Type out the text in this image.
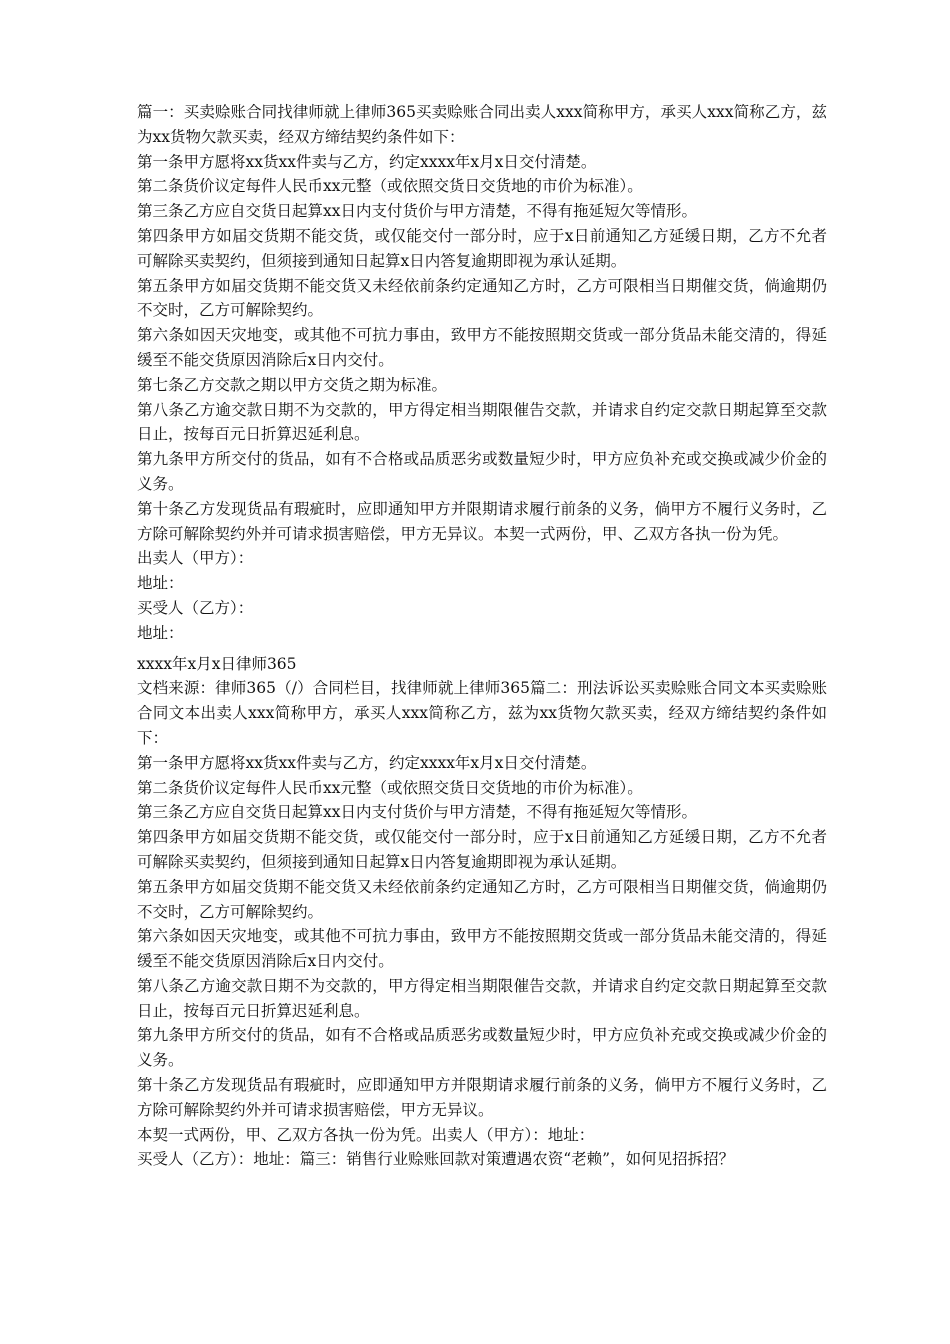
篇一：买卖赊账合同找律师就上律师365买卖赊账合同出卖人xxx简称甲方，承买人xxx简称乙方，兹为xx货物欠款买卖，经双方缔结契约条件如下：

第一条甲方愿将xx货xx件卖与乙方，约定xxxx年x月x日交付清楚。

第二条货价议定每件人民币xx元整（或依照交货日交货地的市价为标准）。

第三条乙方应自交货日起算xx日内支付货价与甲方清楚，不得有拖延短欠等情形。

第四条甲方如届交货期不能交货，或仅能交付一部分时，应于x日前通知乙方延缓日期，乙方不允者可解除买卖契约，但须接到通知日起算x日内答复逾期即视为承认延期。

第五条甲方如届交货期不能交货又未经依前条约定通知乙方时，乙方可限相当日期催交货，倘逾期仍不交时，乙方可解除契约。

第六条如因天灾地变，或其他不可抗力事由，致甲方不能按照期交货或一部分货品未能交清的，得延缓至不能交货原因消除后x日内交付。

第七条乙方交款之期以甲方交货之期为标准。

第八条乙方逾交款日期不为交款的，甲方得定相当期限催告交款，并请求自约定交款日期起算至交款日止，按每百元日折算迟延利息。

第九条甲方所交付的货品，如有不合格或品质恶劣或数量短少时，甲方应负补充或交换或减少价金的义务。

第十条乙方发现货品有瑕疵时，应即通知甲方并限期请求履行前条的义务，倘甲方不履行义务时，乙方除可解除契约外并可请求损害赔偿，甲方无异议。本契一式两份，甲、乙双方各执一份为凭。

出卖人（甲方）：

地址：

买受人（乙方）：

地址：

xxxx年x月x日律师365

文档来源：律师365（/）合同栏目，找律师就上律师365篇二：刑法诉讼买卖赊账合同文本买卖赊账合同文本出卖人xxx简称甲方，承买人xxx简称乙方，兹为xx货物欠款买卖，经双方缔结契约条件如下：

第一条甲方愿将xx货xx件卖与乙方，约定xxxx年x月x日交付清楚。

第二条货价议定每件人民币xx元整（或依照交货日交货地的市价为标准）。

第三条乙方应自交货日起算xx日内支付货价与甲方清楚，不得有拖延短欠等情形。

第四条甲方如届交货期不能交货，或仅能交付一部分时，应于x日前通知乙方延缓日期，乙方不允者可解除买卖契约，但须接到通知日起算x日内答复逾期即视为承认延期。

第五条甲方如届交货期不能交货又未经依前条约定通知乙方时，乙方可限相当日期催交货，倘逾期仍不交时，乙方可解除契约。

第六条如因天灾地变，或其他不可抗力事由，致甲方不能按照期交货或一部分货品未能交清的，得延缓至不能交货原因消除后x日内交付。

第八条乙方逾交款日期不为交款的，甲方得定相当期限催告交款，并请求自约定交款日期起算至交款日止，按每百元日折算迟延利息。

第九条甲方所交付的货品，如有不合格或品质恶劣或数量短少时，甲方应负补充或交换或减少价金的义务。

第十条乙方发现货品有瑕疵时，应即通知甲方并限期请求履行前条的义务，倘甲方不履行义务时，乙方除可解除契约外并可请求损害赔偿，甲方无异议。

本契一式两份，甲、乙双方各执一份为凭。出卖人（甲方）：地址：

买受人（乙方）：地址：篇三：销售行业赊账回款对策遭遇农资“老赖”，如何见招拆招？
